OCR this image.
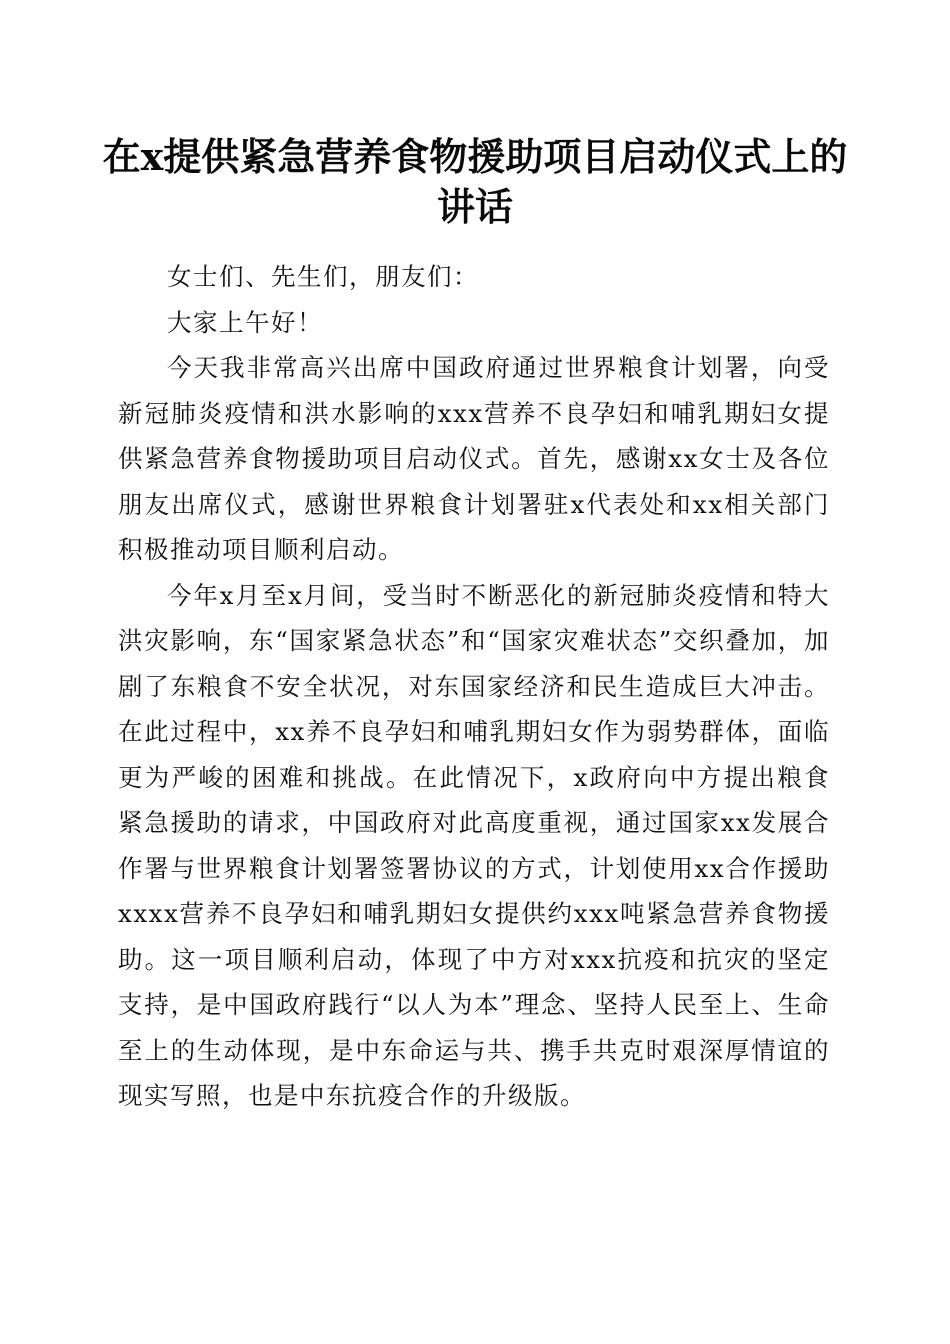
在x提供紧急营养食物援助项目启动仪式上的讲话

女士们、先生们，朋友们：

大家上午好！

今天我非常高兴出席中国政府通过世界粮食计划署，向受新冠肺炎疫情和洪水影响的xxx营养不良孕妇和哺乳期妇女提供紧急营养食物援助项目启动仪式。首先，感谢xx女士及各位朋友出席仪式，感谢世界粮食计划署驻x代表处和xx相关部门积极推动项目顺利启动。

今年x月至x月间，受当时不断恶化的新冠肺炎疫情和特大洪灾影响，东“国家紧急状态”和“国家灾难状态”交织叠加，加剧了东粮食不安全状况，对东国家经济和民生造成巨大冲击。在此过程中，xx养不良孕妇和哺乳期妇女作为弱势群体，面临更为严峻的困难和挑战。在此情况下，x政府向中方提出粮食紧急援助的请求，中国政府对此高度重视，通过国家xx发展合作署与世界粮食计划署签署协议的方式，计划使用xx合作援助xxxx营养不良孕妇和哺乳期妇女提供约xxx吨紧急营养食物援助。这一项目顺利启动，体现了中方对xxx抗疫和抗灾的坚定支持，是中国政府践行“以人为本”理念、坚持人民至上、生命至上的生动体现，是中东命运与共、携手共克时艰深厚情谊的现实写照，也是中东抗疫合作的升级版。
